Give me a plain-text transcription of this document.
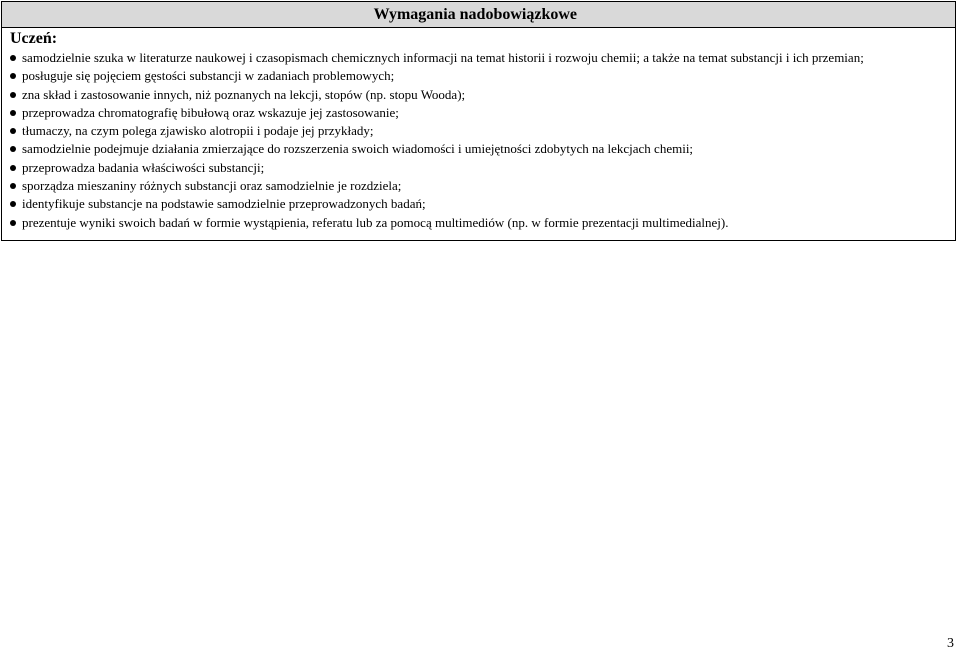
Wymagania nadobowiązkowe
Uczeń:
samodzielnie szuka w literaturze naukowej i czasopismach chemicznych informacji na temat historii i rozwoju chemii; a także na temat substancji i ich przemian;
posługuje się pojęciem gęstości substancji w zadaniach problemowych;
zna skład i zastosowanie innych, niż poznanych na lekcji, stopów (np. stopu Wooda);
przeprowadza chromatografię bibułową oraz wskazuje jej zastosowanie;
tłumaczy, na czym polega zjawisko alotropii i podaje jej przykłady;
samodzielnie podejmuje działania zmierzające do rozszerzenia swoich wiadomości i umiejętności zdobytych na lekcjach chemii;
przeprowadza badania właściwości substancji;
sporządza mieszaniny różnych substancji oraz samodzielnie je rozdziela;
identyfikuje substancje na podstawie samodzielnie przeprowadzonych badań;
prezentuje wyniki swoich badań w formie wystąpienia, referatu lub za pomocą multimediów (np. w formie prezentacji multimedialnej).
3
